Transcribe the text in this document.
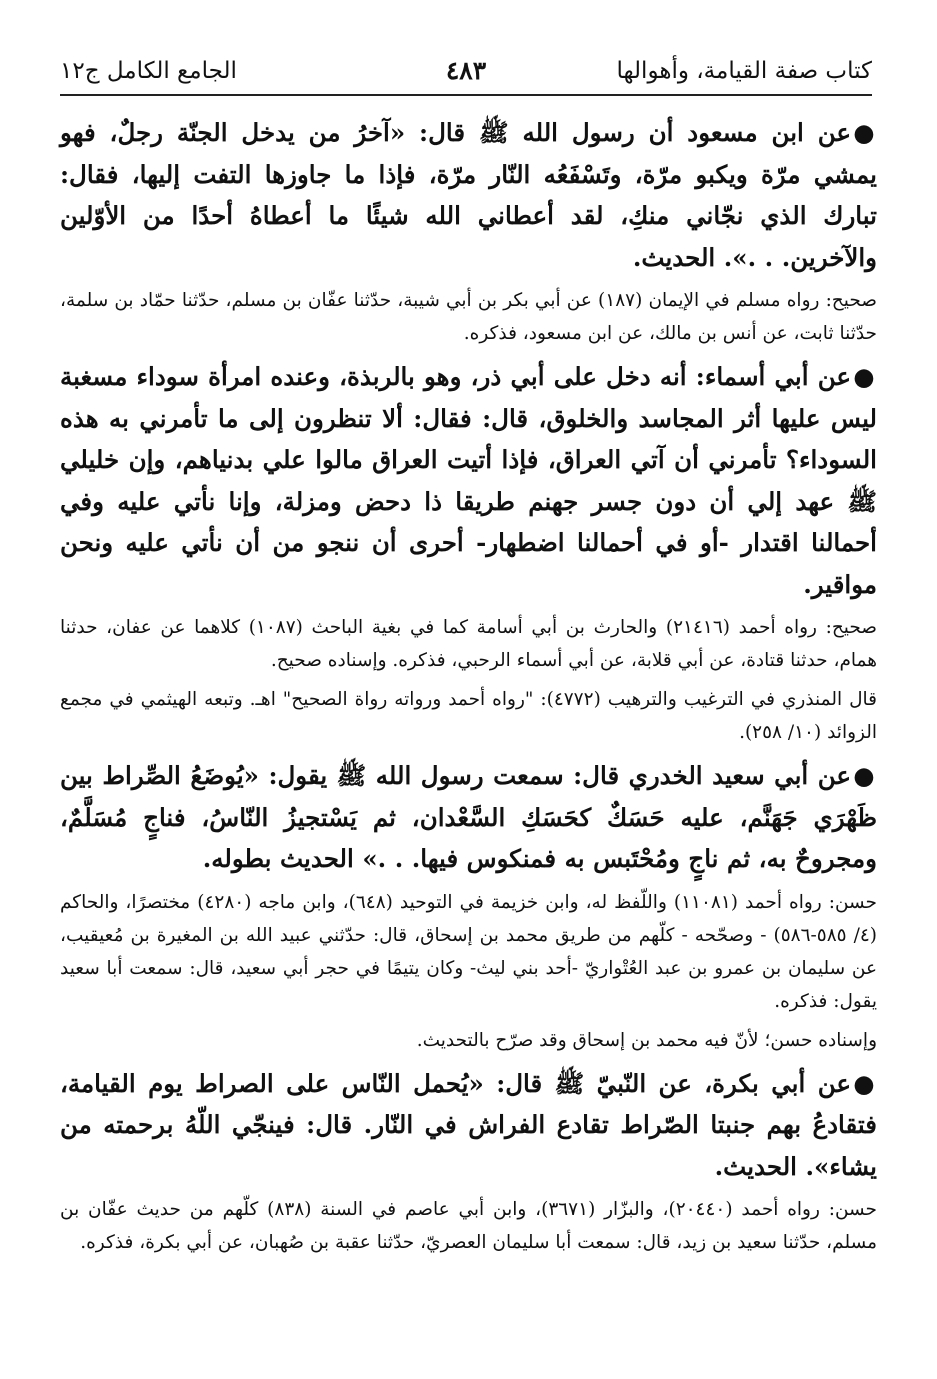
كتاب صفة القيامة، وأهوالها
٤٨٣
الجامع الكامل ج١٢

●عن ابن مسعود أن رسول الله ﷺ قال: «آخرُ من يدخل الجنّة رجلٌ، فهو يمشي مرّة ويكبو مرّة، وتَسْفَعُه النّار مرّة، فإذا ما جاوزها التفت إليها، فقال: تبارك الذي نجّاني منكِ، لقد أعطاني الله شيئًا ما أعطاهُ أحدًا من الأوّلين والآخرين. . .». الحديث.

صحيح: رواه مسلم في الإيمان (١٨٧) عن أبي بكر بن أبي شيبة، حدّثنا عفّان بن مسلم، حدّثنا حمّاد بن سلمة، حدّثنا ثابت، عن أنس بن مالك، عن ابن مسعود، فذكره.

●عن أبي أسماء: أنه دخل على أبي ذر، وهو بالربذة، وعنده امرأة سوداء مسغبة ليس عليها أثر المجاسد والخلوق، قال: فقال: ألا تنظرون إلى ما تأمرني به هذه السوداء؟ تأمرني أن آتي العراق، فإذا أتيت العراق مالوا علي بدنياهم، وإن خليلي ﷺ عهد إلي أن دون جسر جهنم طريقا ذا دحض ومزلة، وإنا نأتي عليه وفي أحمالنا اقتدار -أو في أحمالنا اضطهار- أحرى أن ننجو من أن نأتي عليه ونحن مواقير.

صحيح: رواه أحمد (٢١٤١٦) والحارث بن أبي أسامة كما في بغية الباحث (١٠٨٧) كلاهما عن عفان، حدثنا همام، حدثنا قتادة، عن أبي قلابة، عن أبي أسماء الرحبي، فذكره. وإسناده صحيح.

قال المنذري في الترغيب والترهيب (٤٧٧٢): "رواه أحمد ورواته رواة الصحيح" اهـ. وتبعه الهيثمي في مجمع الزوائد (١٠/ ٢٥٨).

●عن أبي سعيد الخدري قال: سمعت رسول الله ﷺ يقول: «يُوضَعُ الصِّراط بين ظَهْرَي جَهَنَّم، عليه حَسَكٌ كحَسَكِ السَّعْدان، ثم يَسْتجيزُ النّاسُ، فناجٍ مُسَلَّمٌ، ومجروحٌ به، ثم ناجٍ ومُحْتَبس به فمنكوس فيها. . .» الحديث بطوله.

حسن: رواه أحمد (١١٠٨١) واللّفظ له، وابن خزيمة في التوحيد (٦٤٨)، وابن ماجه (٤٢٨٠) مختصرًا، والحاكم (٤/ ٥٨٥-٥٨٦) - وصحّحه - كلّهم من طريق محمد بن إسحاق، قال: حدّثني عبيد الله بن المغيرة بن مُعيقيب، عن سليمان بن عمرو بن عبد العُتْواريّ -أحد بني ليث- وكان يتيمًا في حجر أبي سعيد، قال: سمعت أبا سعيد يقول: فذكره.

وإسناده حسن؛ لأنّ فيه محمد بن إسحاق وقد صرّح بالتحديث.

●عن أبي بكرة، عن النّبيّ ﷺ قال: «يُحمل النّاس على الصراط يوم القيامة، فتقادعُ بهم جنبتا الصّراط تقادع الفراش في النّار. قال: فينجّي اللّهُ برحمته من يشاء». الحديث.

حسن: رواه أحمد (٢٠٤٤٠)، والبزّار (٣٦٧١)، وابن أبي عاصم في السنة (٨٣٨) كلّهم من حديث عفّان بن مسلم، حدّثنا سعيد بن زيد، قال: سمعت أبا سليمان العصريّ، حدّثنا عقبة بن صُهبان، عن أبي بكرة، فذكره.
